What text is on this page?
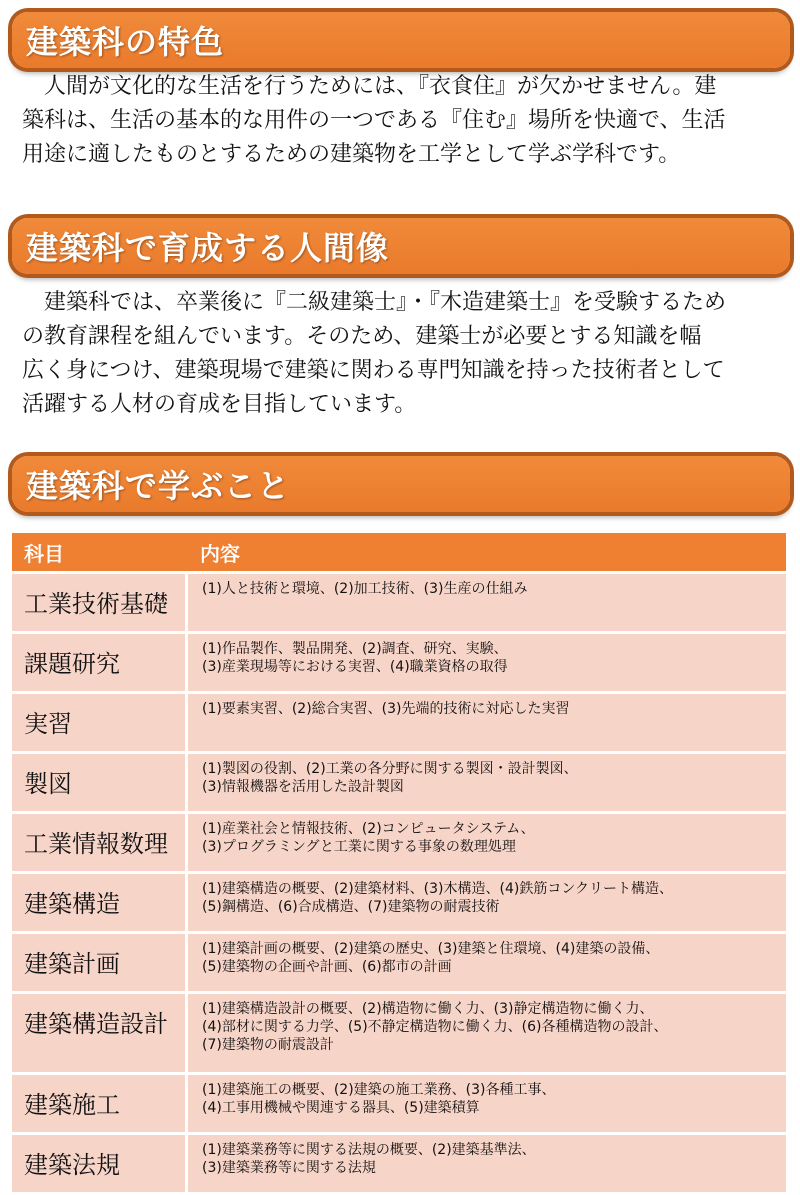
建築科の特色

　人間が文化的な生活を行うためには、『衣食住』が欠かせません。建
築科は、生活の基本的な用件の一つである『住む』場所を快適で、生活
用途に適したものとするための建築物を工学として学ぶ学科です。

建築科で育成する人間像

　建築科では、卒業後に『二級建築士』・『木造建築士』を受験するため
の教育課程を組んでいます。そのため、建築士が必要とする知識を幅
広く身につけ、建築現場で建築に関わる専門知識を持った技術者として
活躍する人材の育成を目指しています。

建築科で学ぶこと
科目	内容
工業技術基礎	(1)人と技術と環境、(2)加工技術、(3)生産の仕組み
課題研究	(1)作品製作、製品開発、(2)調査、研究、実験、
(3)産業現場等における実習、(4)職業資格の取得
実習	(1)要素実習、(2)総合実習、(3)先端的技術に対応した実習
製図	(1)製図の役割、(2)工業の各分野に関する製図・設計製図、
(3)情報機器を活用した設計製図
工業情報数理	(1)産業社会と情報技術、(2)コンピュータシステム、
(3)プログラミングと工業に関する事象の数理処理
建築構造	(1)建築構造の概要、(2)建築材料、(3)木構造、(4)鉄筋コンクリート構造、
(5)鋼構造、(6)合成構造、(7)建築物の耐震技術
建築計画	(1)建築計画の概要、(2)建築の歴史、(3)建築と住環境、(4)建築の設備、
(5)建築物の企画や計画、(6)都市の計画
建築構造設計	(1)建築構造設計の概要、(2)構造物に働く力、(3)静定構造物に働く力、
(4)部材に関する力学、(5)不静定構造物に働く力、(6)各種構造物の設計、
(7)建築物の耐震設計
建築施工	(1)建築施工の概要、(2)建築の施工業務、(3)各種工事、
(4)工事用機械や関連する器具、(5)建築積算
建築法規	(1)建築業務等に関する法規の概要、(2)建築基準法、
(3)建築業務等に関する法規
